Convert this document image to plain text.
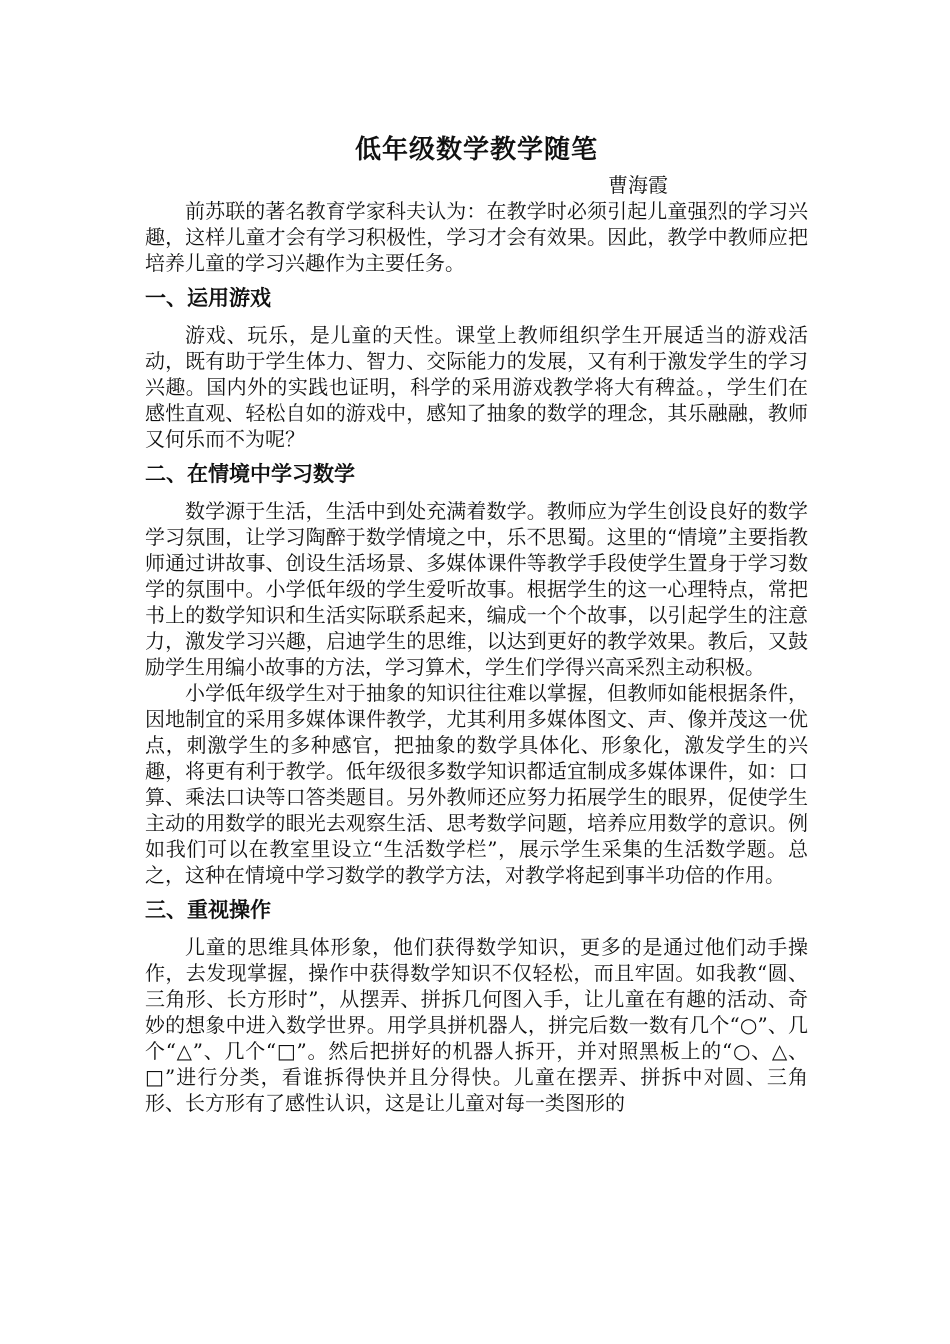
低年级数学教学随笔

曹海霞

前苏联的著名教育学家科夫认为：在教学时必须引起儿童强烈的学习兴趣，这样儿童才会有学习积极性，学习才会有效果。因此，教学中教师应把培养儿童的学习兴趣作为主要任务。

一、运用游戏

游戏、玩乐，是儿童的天性。课堂上教师组织学生开展适当的游戏活动，既有助于学生体力、智力、交际能力的发展，又有利于激发学生的学习兴趣。国内外的实践也证明，科学的采用游戏教学将大有稗益。，学生们在感性直观、轻松自如的游戏中，感知了抽象的数学的理念，其乐融融，教师又何乐而不为呢？

二、在情境中学习数学

数学源于生活，生活中到处充满着数学。教师应为学生创设良好的数学学习氛围，让学习陶醉于数学情境之中，乐不思蜀。这里的“情境”主要指教师通过讲故事、创设生活场景、多媒体课件等教学手段使学生置身于学习数学的氛围中。小学低年级的学生爱听故事。根据学生的这一心理特点，常把书上的数学知识和生活实际联系起来，编成一个个故事，以引起学生的注意力，激发学习兴趣，启迪学生的思维，以达到更好的教学效果。教后，又鼓励学生用编小故事的方法，学习算术，学生们学得兴高采烈主动积极。

小学低年级学生对于抽象的知识往往难以掌握，但教师如能根据条件，因地制宜的采用多媒体课件教学，尤其利用多媒体图文、声、像并茂这一优点，刺激学生的多种感官，把抽象的数学具体化、形象化，激发学生的兴趣，将更有利于教学。低年级很多数学知识都适宜制成多媒体课件，如：口算、乘法口诀等口答类题目。另外教师还应努力拓展学生的眼界，促使学生主动的用数学的眼光去观察生活、思考数学问题，培养应用数学的意识。例如我们可以在教室里设立“生活数学栏”，展示学生采集的生活数学题。总之，这种在情境中学习数学的教学方法，对教学将起到事半功倍的作用。

三、重视操作

儿童的思维具体形象，他们获得数学知识，更多的是通过他们动手操作，去发现掌握，操作中获得数学知识不仅轻松，而且牢固。如我教“圆、三角形、长方形时”，从摆弄、拼拆几何图入手，让儿童在有趣的活动、奇妙的想象中进入数学世界。用学具拼机器人，拼完后数一数有几个“○”、几个“△”、几个“□”。然后把拼好的机器人拆开，并对照黑板上的“○、△、□”进行分类，看谁拆得快并且分得快。儿童在摆弄、拼拆中对圆、三角形、长方形有了感性认识，这是让儿童对每一类图形的
